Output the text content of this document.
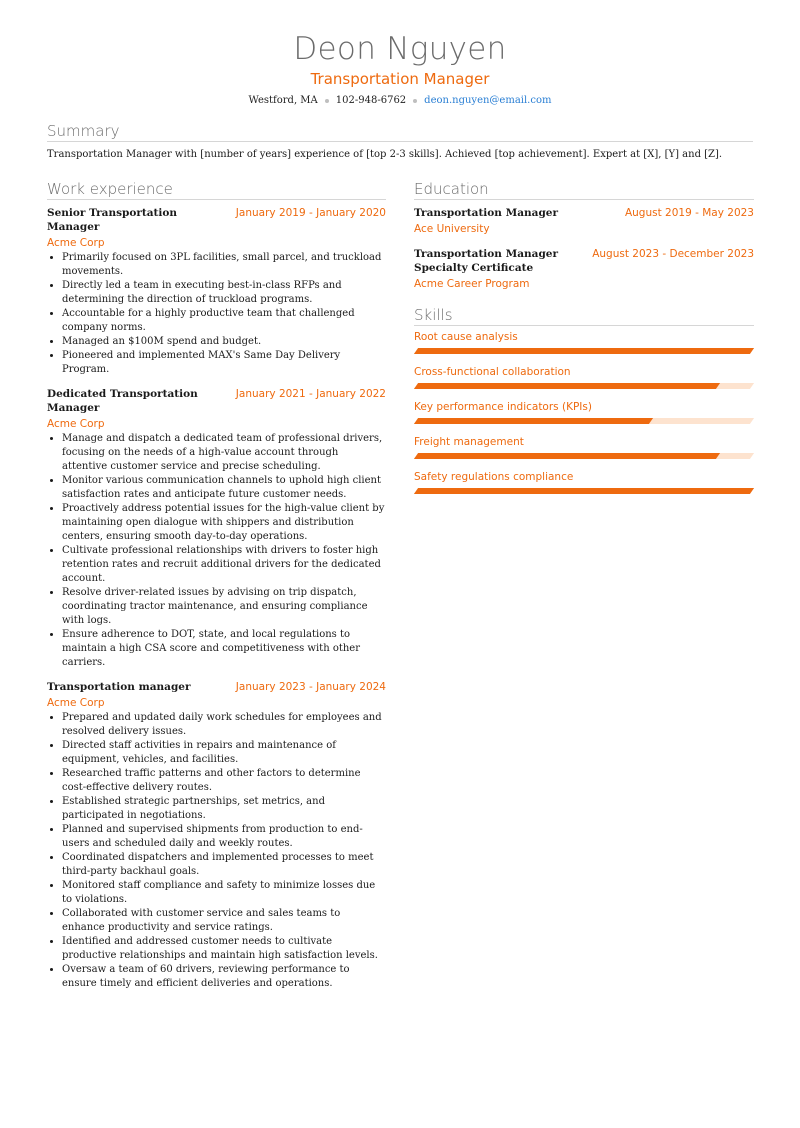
Deon Nguyen
Transportation Manager
Westford, MA 102-948-6762 deon.nguyen@email.com
Summary

Transportation Manager with [number of years] experience of [top 2-3 skills]. Achieved [top achievement]. Expert at [X], [Y] and [Z].

Work experience
Senior Transportation Manager
January 2019 - January 2020
Acme Corp
• Primarily focused on 3PL facilities, small parcel, and truckload movements.
• Directly led a team in executing best-in-class RFPs and determining the direction of truckload programs.
• Accountable for a highly productive team that challenged company norms.
• Managed an $100M spend and budget.
• Pioneered and implemented MAX's Same Day Delivery Program.
Dedicated Transportation Manager
January 2021 - January 2022
Acme Corp
• Manage and dispatch a dedicated team of professional drivers, focusing on the needs of a high-value account through attentive customer service and precise scheduling.
• Monitor various communication channels to uphold high client satisfaction rates and anticipate future customer needs.
• Proactively address potential issues for the high-value client by maintaining open dialogue with shippers and distribution centers, ensuring smooth day-to-day operations.
• Cultivate professional relationships with drivers to foster high retention rates and recruit additional drivers for the dedicated account.
• Resolve driver-related issues by advising on trip dispatch, coordinating tractor maintenance, and ensuring compliance with logs.
• Ensure adherence to DOT, state, and local regulations to maintain a high CSA score and competitiveness with other carriers.
Transportation manager	January 2023 - January 2024
Acme Corp
• Prepared and updated daily work schedules for employees and resolved delivery issues.
• Directed staff activities in repairs and maintenance of equipment, vehicles, and facilities.
• Researched traffic patterns and other factors to determine cost-effective delivery routes.
• Established strategic partnerships, set metrics, and participated in negotiations.
• Planned and supervised shipments from production to end-users and scheduled daily and weekly routes.
• Coordinated dispatchers and implemented processes to meet third-party backhaul goals.
• Monitored staff compliance and safety to minimize losses due to violations.
• Collaborated with customer service and sales teams to enhance productivity and service ratings.
• Identified and addressed customer needs to cultivate productive relationships and maintain high satisfaction levels.
• Oversaw a team of 60 drivers, reviewing performance to ensure timely and efficient deliveries and operations.
Education
Transportation Manager	August 2019 - May 2023
Ace University
Transportation Manager Specialty Certificate
August 2023 - December 2023
Acme Career Program
Skills
Root cause analysis
Cross-functional collaboration
Key performance indicators (KPIs)
Freight management
Safety regulations compliance
